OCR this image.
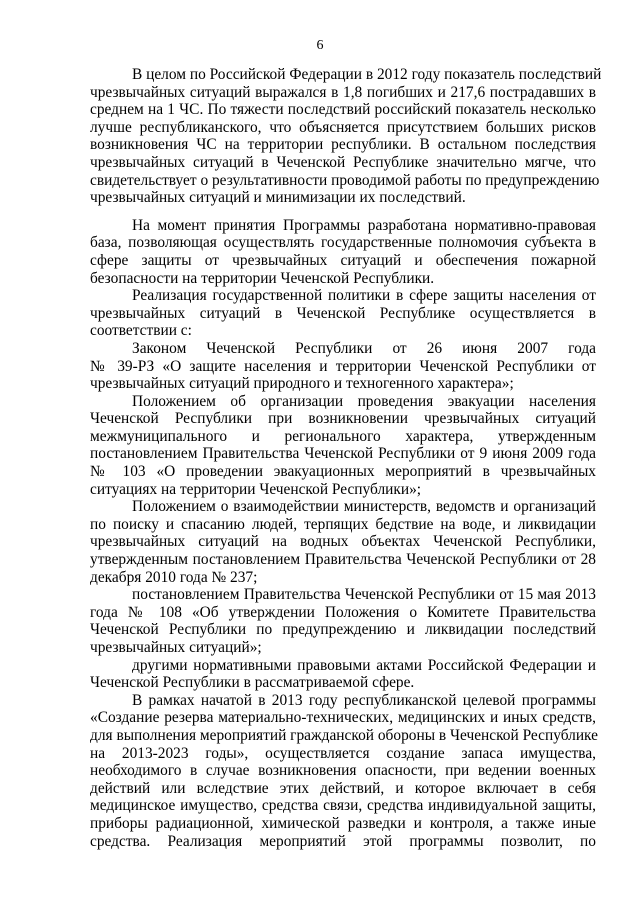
6
В целом по Российской Федерации в 2012 году показатель последствий
чрезвычайных ситуаций выражался в 1,8 погибших и 217,6 пострадавших в
среднем на 1 ЧС. По тяжести последствий российский показатель несколько
лучше республиканского, что объясняется присутствием больших рисков
возникновения ЧС на территории республики. В остальном последствия
чрезвычайных ситуаций в Чеченской Республике значительно мягче, что
свидетельствует о результативности проводимой работы по предупреждению
чрезвычайных ситуаций и минимизации их последствий.
На момент принятия Программы разработана нормативно-правовая
база, позволяющая осуществлять государственные полномочия субъекта в
сфере защиты от чрезвычайных ситуаций и обеспечения пожарной
безопасности на территории Чеченской Республики.
Реализация государственной политики в сфере защиты населения от
чрезвычайных ситуаций в Чеченской Республике осуществляется в
соответствии с:
Законом Чеченской Республики от 26 июня 2007 года
№ 39-РЗ «О защите населения и территории Чеченской Республики от
чрезвычайных ситуаций природного и техногенного характера»;
Положением об организации проведения эвакуации населения
Чеченской Республики при возникновении чрезвычайных ситуаций
межмуниципального и регионального характера, утвержденным
постановлением Правительства Чеченской Республики от 9 июня 2009 года
№ 103 «О проведении эвакуационных мероприятий в чрезвычайных
ситуациях на территории Чеченской Республики»;
Положением о взаимодействии министерств, ведомств и организаций
по поиску и спасанию людей, терпящих бедствие на воде, и ликвидации
чрезвычайных ситуаций на водных объектах Чеченской Республики,
утвержденным постановлением Правительства Чеченской Республики от 28
декабря 2010 года № 237;
постановлением Правительства Чеченской Республики от 15 мая 2013
года № 108 «Об утверждении Положения о Комитете Правительства
Чеченской Республики по предупреждению и ликвидации последствий
чрезвычайных ситуаций»;
другими нормативными правовыми актами Российской Федерации и
Чеченской Республики в рассматриваемой сфере.
В рамках начатой в 2013 году республиканской целевой программы
«Создание резерва материально-технических, медицинских и иных средств,
для выполнения мероприятий гражданской обороны в Чеченской Республике
на 2013-2023 годы», осуществляется создание запаса имущества,
необходимого в случае возникновения опасности, при ведении военных
действий или вследствие этих действий, и которое включает в себя
медицинское имущество, средства связи, средства индивидуальной защиты,
приборы радиационной, химической разведки и контроля, а также иные
средства. Реализация мероприятий этой программы позволит, по
